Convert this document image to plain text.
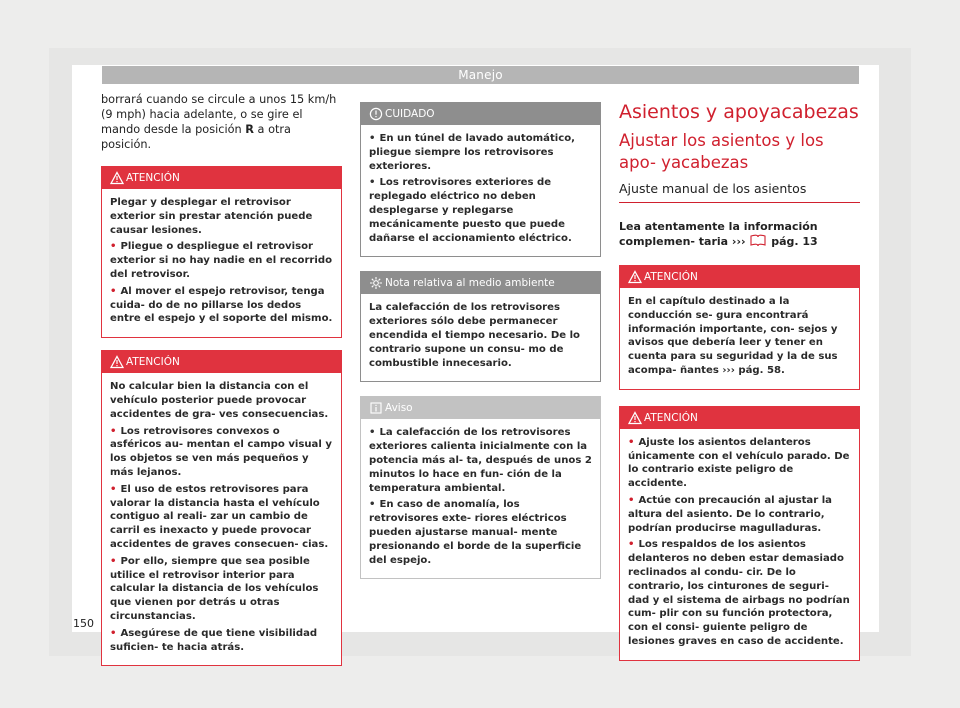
Manejo
borrará cuando se circule a unos 15 km/h (9 mph) hacia adelante, o se gire el mando desde la posición R a otra posición.
ATENCIÓN

Plegar y desplegar el retrovisor exterior sin prestar atención puede causar lesiones.

• Pliegue o despliegue el retrovisor exterior si no hay nadie en el recorrido del retrovisor.
• Al mover el espejo retrovisor, tenga cuida- do de no pillarse los dedos entre el espejo y el soporte del mismo.
ATENCIÓN

No calcular bien la distancia con el vehículo posterior puede provocar accidentes de gra- ves consecuencias.

• Los retrovisores convexos o asféricos au- mentan el campo visual y los objetos se ven más pequeños y más lejanos.
• El uso de estos retrovisores para valorar la distancia hasta el vehículo contiguo al reali- zar un cambio de carril es inexacto y puede provocar accidentes de graves consecuen- cias.
• Por ello, siempre que sea posible utilice el retrovisor interior para calcular la distancia de los vehículos que vienen por detrás u otras circunstancias.
• Asegúrese de que tiene visibilidad suficien- te hacia atrás.
CUIDADO
• En un túnel de lavado automático, pliegue siempre los retrovisores exteriores.
• Los retrovisores exteriores de replegado eléctrico no deben desplegarse y replegarse mecánicamente puesto que puede dañarse el accionamiento eléctrico.
Nota relativa al medio ambiente

La calefacción de los retrovisores exteriores sólo debe permanecer encendida el tiempo necesario. De lo contrario supone un consu- mo de combustible innecesario.

Aviso
• La calefacción de los retrovisores exteriores calienta inicialmente con la potencia más al- ta, después de unos 2 minutos lo hace en fun- ción de la temperatura ambiental.
• En caso de anomalía, los retrovisores exte- riores eléctricos pueden ajustarse manual- mente presionando el borde de la superficie del espejo.
Asientos y apoyacabezas
Ajustar los asientos y los apo- yacabezas
Ajuste manual de los asientos
Lea atentamente la información complemen- taria ››› pág. 13
ATENCIÓN

En el capítulo destinado a la conducción se- gura encontrará información importante, con- sejos y avisos que debería leer y tener en cuenta para su seguridad y la de sus acompa- ñantes ››› pág. 58.

ATENCIÓN
• Ajuste los asientos delanteros únicamente con el vehículo parado. De lo contrario existe peligro de accidente.
• Actúe con precaución al ajustar la altura del asiento. De lo contrario, podrían producirse magulladuras.
• Los respaldos de los asientos delanteros no deben estar demasiado reclinados al condu- cir. De lo contrario, los cinturones de seguri- dad y el sistema de airbags no podrían cum- plir con su función protectora, con el consi- guiente peligro de lesiones graves en caso de accidente.
150
